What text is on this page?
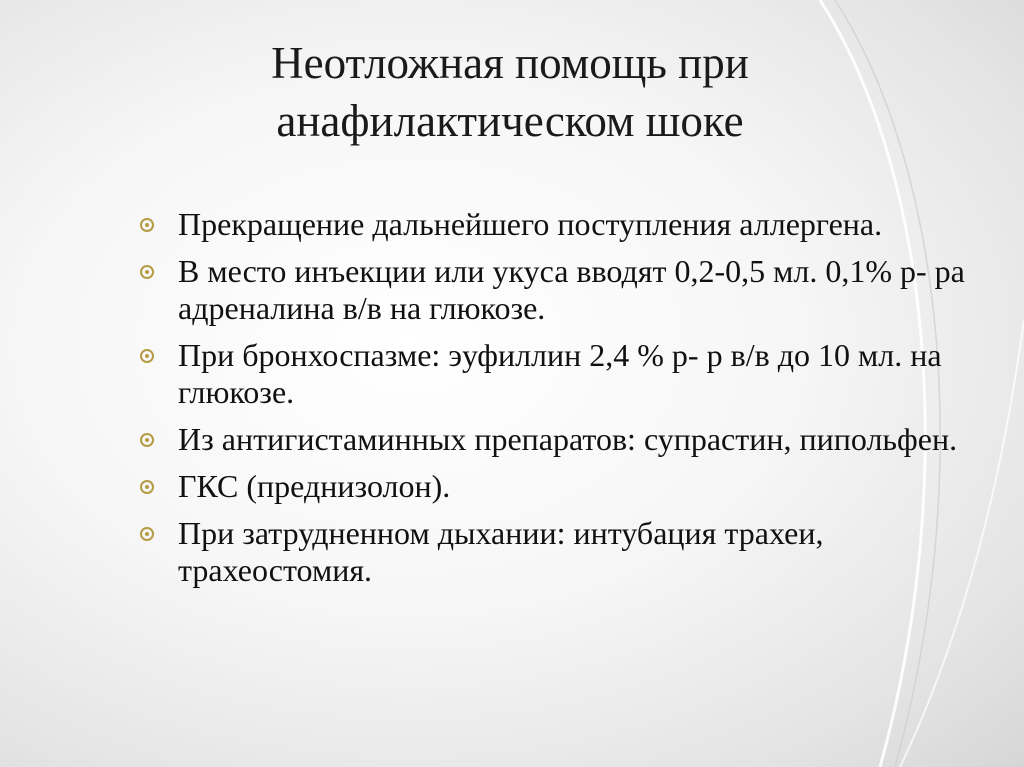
Неотложная помощь при
анафилактическом шоке
Прекращение дальнейшего поступления аллергена.
В место инъекции или укуса вводят 0,2-0,5 мл. 0,1% р- ра адреналина в/в на глюкозе.
При бронхоспазме: эуфиллин 2,4 % р- р в/в до 10 мл. на глюкозе.
Из антигистаминных препаратов: супрастин, пипольфен.
ГКС (преднизолон).
При затрудненном дыхании: интубация трахеи, трахеостомия.
